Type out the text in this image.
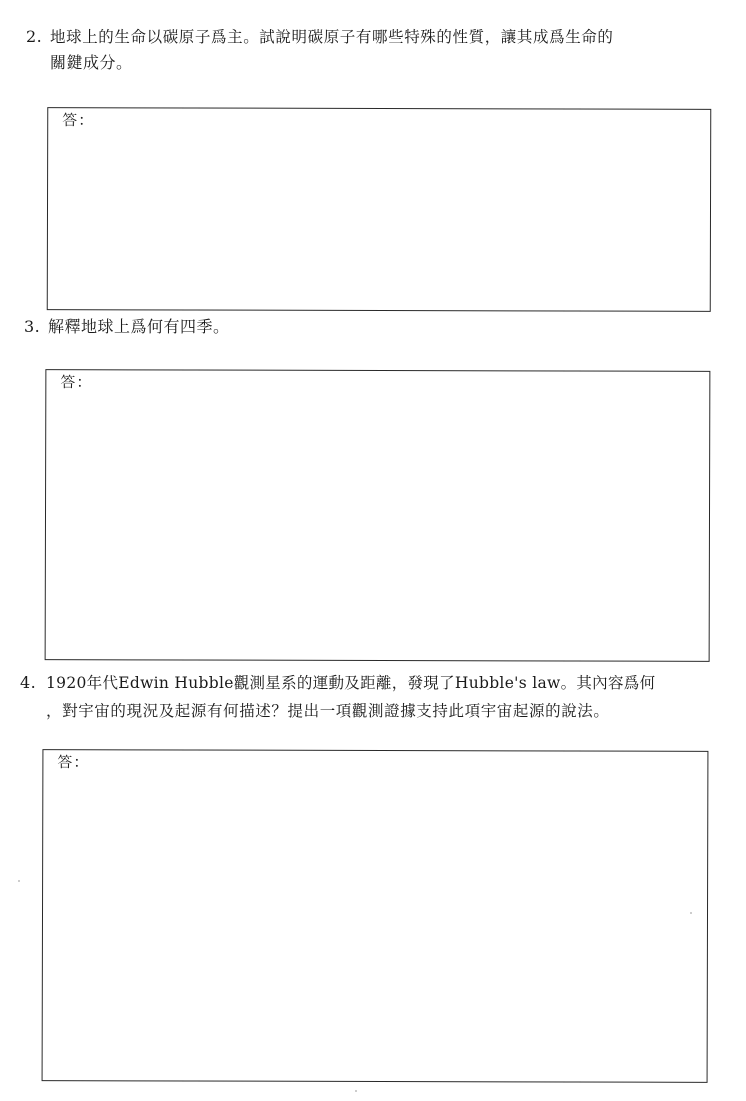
2. 地球上的生命以碳原子爲主。試說明碳原子有哪些特殊的性質，讓其成爲生命的
關鍵成分。
答：
3. 解釋地球上爲何有四季。
答：
4. 1920年代Edwin Hubble觀測星系的運動及距離，發現了Hubble's law。其內容爲何
，對宇宙的現況及起源有何描述？提出一項觀測證據支持此項宇宙起源的說法。
答：
